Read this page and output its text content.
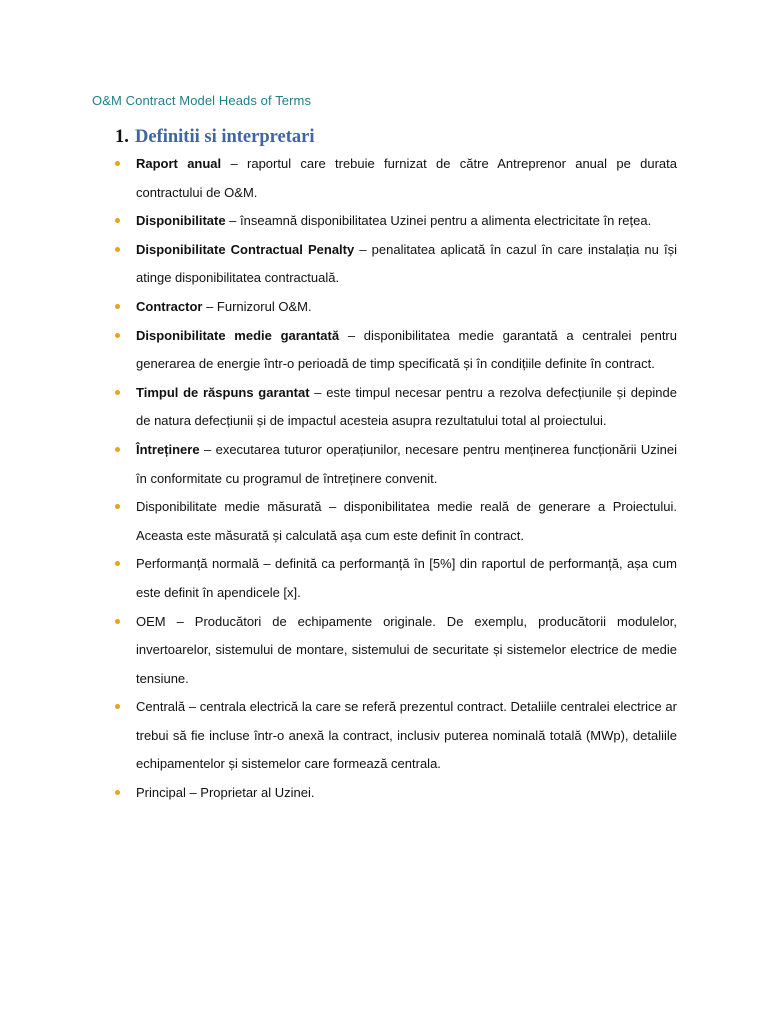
O&M Contract Model Heads of Terms
1. Definitii si interpretari
Raport anual – raportul care trebuie furnizat de către Antreprenor anual pe durata contractului de O&M.
Disponibilitate – înseamnă disponibilitatea Uzinei pentru a alimenta electricitate în rețea.
Disponibilitate Contractual Penalty – penalitatea aplicată în cazul în care instalația nu își atinge disponibilitatea contractuală.
Contractor – Furnizorul O&M.
Disponibilitate medie garantată – disponibilitatea medie garantată a centralei pentru generarea de energie într-o perioadă de timp specificată și în condițiile definite în contract.
Timpul de răspuns garantat – este timpul necesar pentru a rezolva defecțiunile și depinde de natura defecțiunii și de impactul acesteia asupra rezultatului total al proiectului.
Întreținere – executarea tuturor operațiunilor, necesare pentru menținerea funcționării Uzinei în conformitate cu programul de întreținere convenit.
Disponibilitate medie măsurată – disponibilitatea medie reală de generare a Proiectului. Aceasta este măsurată și calculată așa cum este definit în contract.
Performanță normală – definită ca performanță în [5%] din raportul de performanță, așa cum este definit în apendicele [x].
OEM – Producători de echipamente originale. De exemplu, producătorii modulelor, invertoarelor, sistemului de montare, sistemului de securitate și sistemelor electrice de medie tensiune.
Centrală – centrala electrică la care se referă prezentul contract. Detaliile centralei electrice ar trebui să fie incluse într-o anexă la contract, inclusiv puterea nominală totală (MWp), detaliile echipamentelor și sistemelor care formează centrala.
Principal – Proprietar al Uzinei.
